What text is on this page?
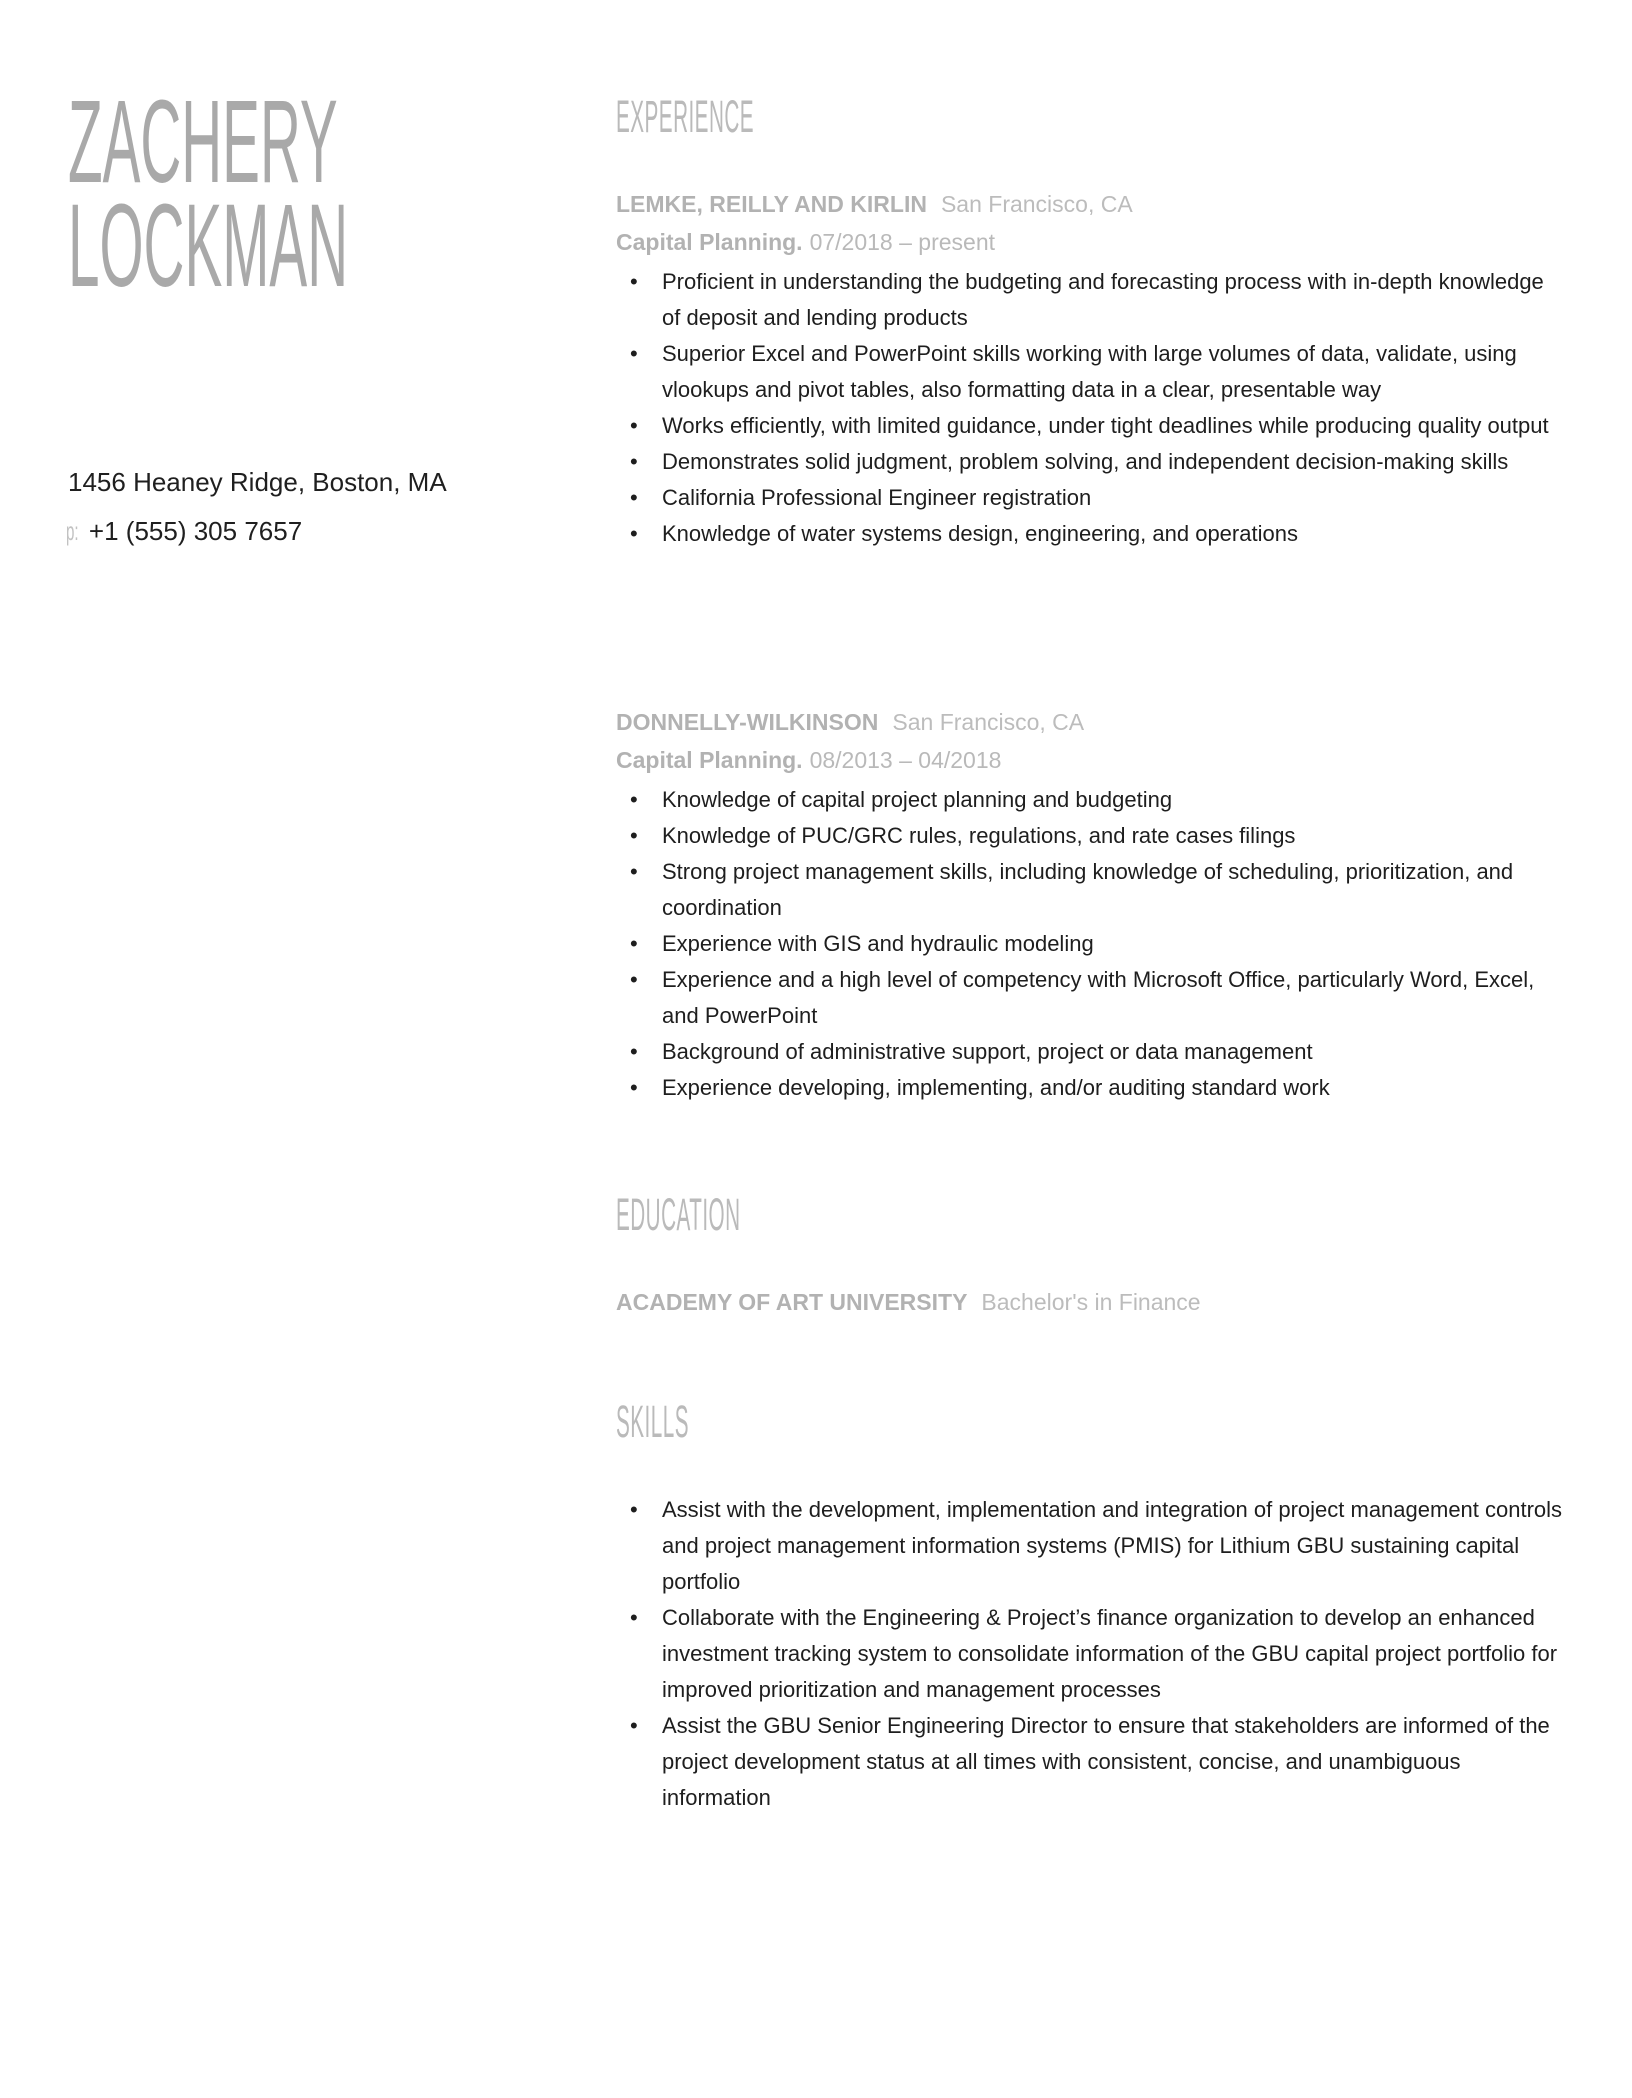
ZACHERY
LOCKMAN
1456 Heaney Ridge, Boston, MA
p: +1 (555) 305 7657
EXPERIENCE
LEMKE, REILLY AND KIRLIN San Francisco, CA
Capital Planning. 07/2018 – present
• Proficient in understanding the budgeting and forecasting process with in-depth knowledge of deposit and lending products
• Superior Excel and PowerPoint skills working with large volumes of data, validate, using vlookups and pivot tables, also formatting data in a clear, presentable way
• Works efficiently, with limited guidance, under tight deadlines while producing quality output
• Demonstrates solid judgment, problem solving, and independent decision-making skills
• California Professional Engineer registration
• Knowledge of water systems design, engineering, and operations
DONNELLY-WILKINSON San Francisco, CA
Capital Planning. 08/2013 – 04/2018
• Knowledge of capital project planning and budgeting
• Knowledge of PUC/GRC rules, regulations, and rate cases filings
• Strong project management skills, including knowledge of scheduling, prioritization, and coordination
• Experience with GIS and hydraulic modeling
• Experience and a high level of competency with Microsoft Office, particularly Word, Excel, and PowerPoint
• Background of administrative support, project or data management
• Experience developing, implementing, and/or auditing standard work
EDUCATION
ACADEMY OF ART UNIVERSITY Bachelor's in Finance
SKILLS
• Assist with the development, implementation and integration of project management controls and project management information systems (PMIS) for Lithium GBU sustaining capital portfolio
• Collaborate with the Engineering & Project’s finance organization to develop an enhanced investment tracking system to consolidate information of the GBU capital project portfolio for improved prioritization and management processes
• Assist the GBU Senior Engineering Director to ensure that stakeholders are informed of the project development status at all times with consistent, concise, and unambiguous information
